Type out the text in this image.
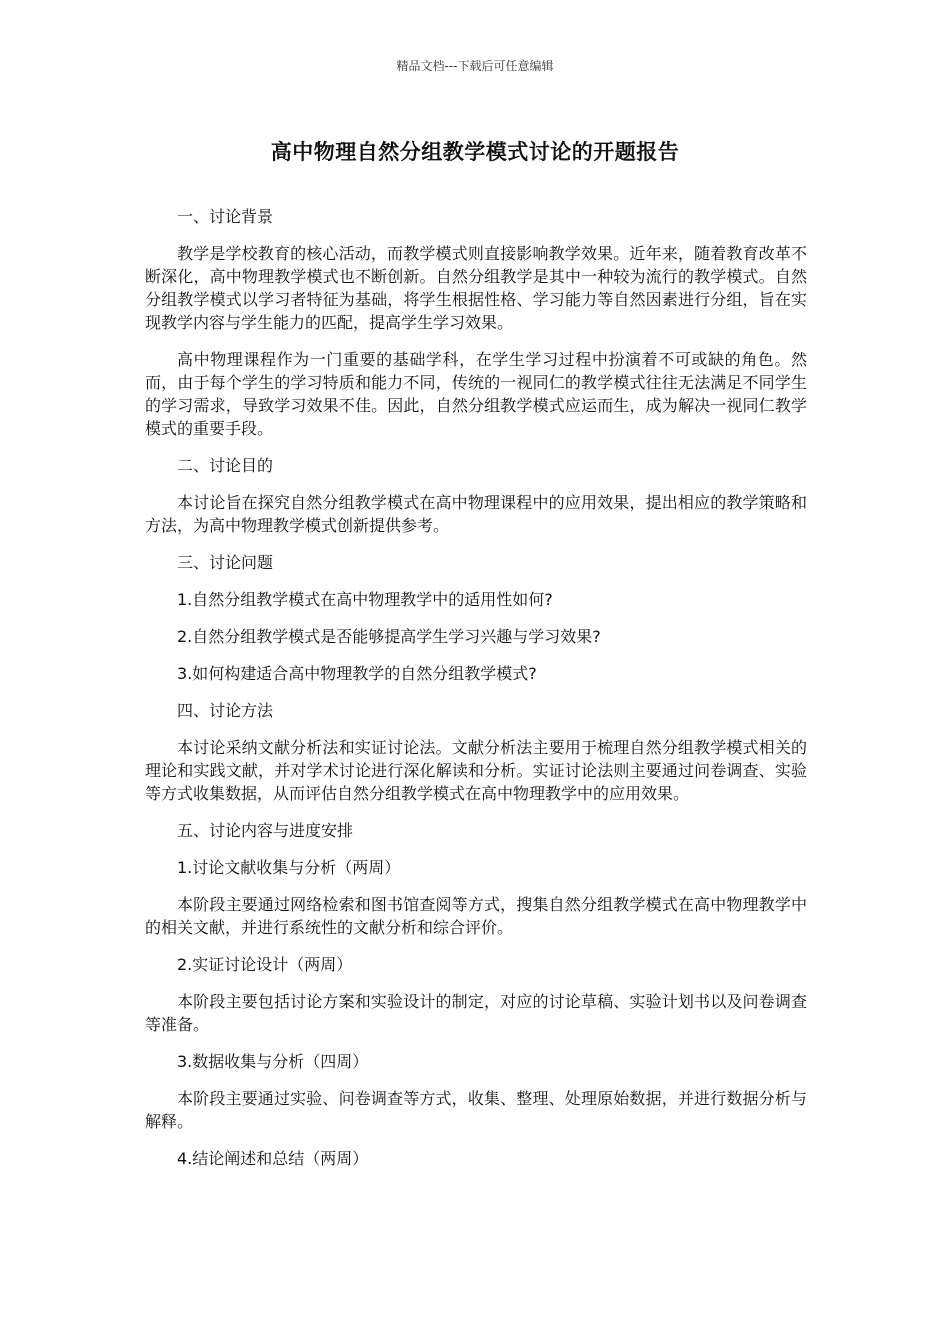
精品文档---下载后可任意编辑
高中物理自然分组教学模式讨论的开题报告

一、讨论背景

教学是学校教育的核心活动，而教学模式则直接影响教学效果。近年来，随着教育改革不断深化，高中物理教学模式也不断创新。自然分组教学是其中一种较为流行的教学模式。自然分组教学模式以学习者特征为基础，将学生根据性格、学习能力等自然因素进行分组，旨在实现教学内容与学生能力的匹配，提高学生学习效果。

高中物理课程作为一门重要的基础学科，在学生学习过程中扮演着不可或缺的角色。然而，由于每个学生的学习特质和能力不同，传统的一视同仁的教学模式往往无法满足不同学生的学习需求，导致学习效果不佳。因此，自然分组教学模式应运而生，成为解决一视同仁教学模式的重要手段。

二、讨论目的

本讨论旨在探究自然分组教学模式在高中物理课程中的应用效果，提出相应的教学策略和方法，为高中物理教学模式创新提供参考。

三、讨论问题

1.自然分组教学模式在高中物理教学中的适用性如何?

2.自然分组教学模式是否能够提高学生学习兴趣与学习效果?

3.如何构建适合高中物理教学的自然分组教学模式?

四、讨论方法

本讨论采纳文献分析法和实证讨论法。文献分析法主要用于梳理自然分组教学模式相关的理论和实践文献，并对学术讨论进行深化解读和分析。实证讨论法则主要通过问卷调查、实验等方式收集数据，从而评估自然分组教学模式在高中物理教学中的应用效果。

五、讨论内容与进度安排

1.讨论文献收集与分析（两周）

本阶段主要通过网络检索和图书馆查阅等方式，搜集自然分组教学模式在高中物理教学中的相关文献，并进行系统性的文献分析和综合评价。

2.实证讨论设计（两周）

本阶段主要包括讨论方案和实验设计的制定，对应的讨论草稿、实验计划书以及问卷调查等准备。

3.数据收集与分析（四周）

本阶段主要通过实验、问卷调查等方式，收集、整理、处理原始数据，并进行数据分析与解释。

4.结论阐述和总结（两周）
